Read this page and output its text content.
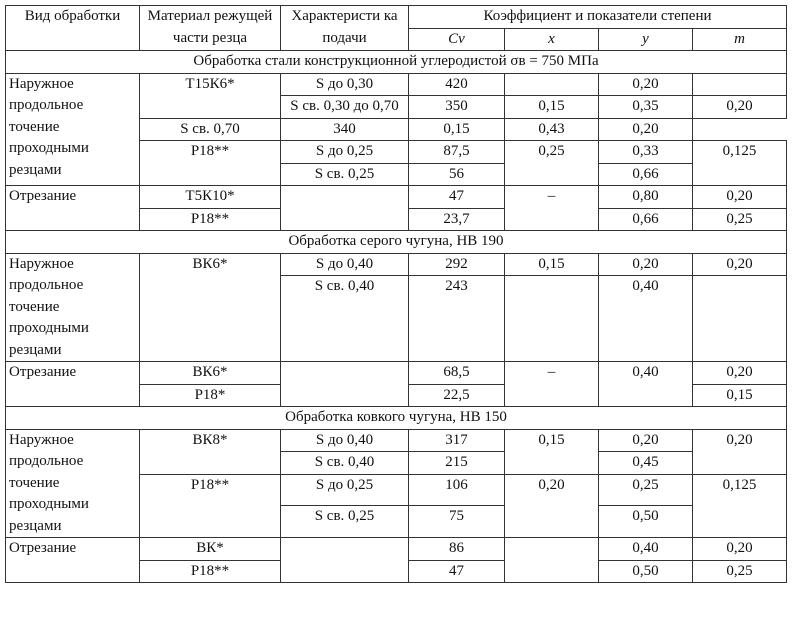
Вид обработки	Материал режущей части резца	Характеристи ка подачи	Коэффициент и показатели степени			
			Cv	x	y	m

Обработка стали конструкционной углеродистой σв = 750 МПа						
Наружное продольное точение проходными резцами	Т15К6*	S до 0,30	420		0,20	
		S св. 0,30 до 0,70	350	0,15	0,35	0,20

	S св. 0,70	340	0,15	0,43	0,20	
	Р18**	S до 0,25	87,5	0,25	0,33	0,125
		S св. 0,25	56		0,66	
Отрезание	Т5К10*		47	–	0,80	0,20
	Р18**		23,7		0,66	0,25
Обработка серого чугуна, НВ 190						
Наружное продольное точение проходными резцами	ВК6*	S до 0,40	292	0,15	0,20	0,20
		S св. 0,40	243		0,40	

Отрезание	ВК6*		68,5	–	0,40	0,20
	Р18*		22,5			0,15
Обработка ковкого чугуна, НВ 150						
Наружное продольное точение проходными резцами	ВК8*	S до 0,40	317	0,15	0,20	0,20
		S св. 0,40	215		0,45	
	Р18**	S до 0,25	106	0,20	0,25	0,125
		S св. 0,25	75		0,50	

Отрезание	ВК*		86		0,40	0,20
	Р18**		47		0,50	0,25
